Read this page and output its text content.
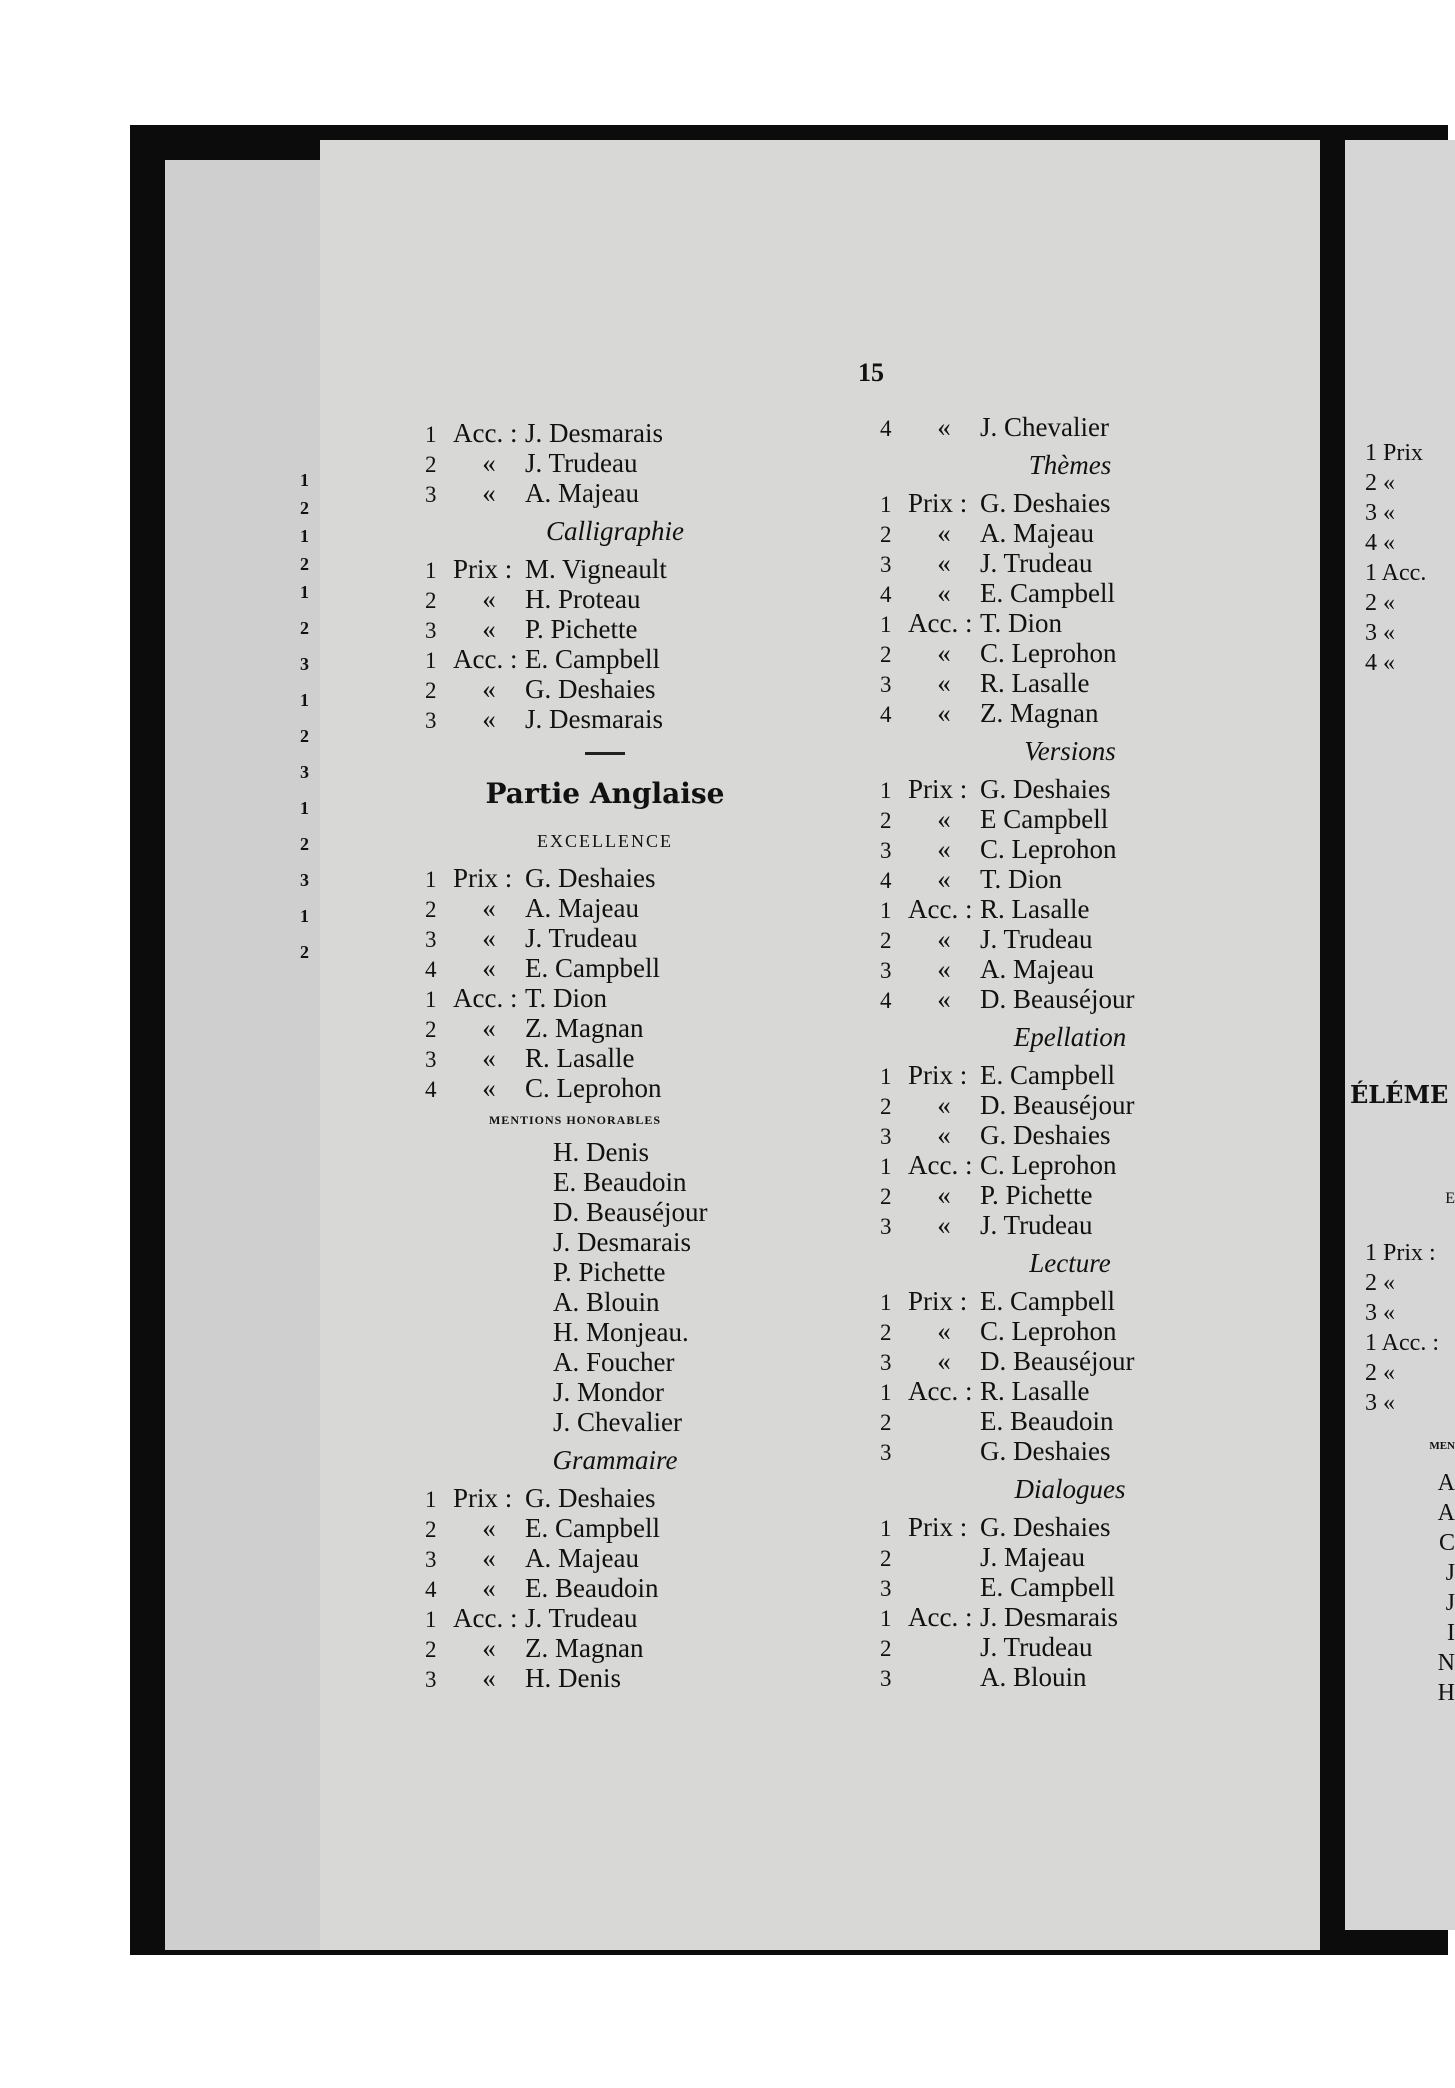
15
1
2
1
2
1
2
3
1
2
3
1
2
3
1
2
1 Acc. : J. Desmarais
2	«	J. Trudeau
3	«	A. Majeau
Calligraphie
1 Prix : M. Vigneault
2	«	H. Proteau
3	«	P. Pichette
1 Acc. : E. Campbell
2	«	G. Deshaies
3	«	J. Desmarais
Partie Anglaise
EXCELLENCE
1 Prix : G. Deshaies
2	«	A. Majeau
3	«	J. Trudeau
4	«	E. Campbell
1 Acc. : T. Dion
2	«	Z. Magnan
3	«	R. Lasalle
4	«	C. Leprohon
MENTIONS HONORABLES
H. Denis
E. Beaudoin
D. Beauséjour
J. Desmarais
P. Pichette
A. Blouin
H. Monjeau.
A. Foucher
J. Mondor
J. Chevalier
Grammaire
1 Prix : G. Deshaies
2	«	E. Campbell
3	«	A. Majeau
4	«	E. Beaudoin
1 Acc. : J. Trudeau
2	«	Z. Magnan
3	«	H. Denis
4	«	J. Chevalier
Thèmes
1 Prix : G. Deshaies
2	«	A. Majeau
3	«	J. Trudeau
4	«	E. Campbell
1 Acc. : T. Dion
2	«	C. Leprohon
3	«	R. Lasalle
4	«	Z. Magnan
Versions
1 Prix : G. Deshaies
2	«	E Campbell
3	«	C. Leprohon
4	«	T. Dion
1 Acc. : R. Lasalle
2	«	J. Trudeau
3	«	A. Majeau
4	«	D. Beauséjour
Epellation
1 Prix : E. Campbell
2	«	D. Beauséjour
3	«	G. Deshaies
1 Acc. : C. Leprohon
2	«	P. Pichette
3	«	J. Trudeau
Lecture
1 Prix : E. Campbell
2	«	C. Leprohon
3	«	D. Beauséjour
1 Acc. : R. Lasalle
2	E. Beaudoin
3	G. Deshaies
Dialogues
1 Prix : G. Deshaies
2	J. Majeau
3	E. Campbell
1 Acc. : J. Desmarais
2	J. Trudeau
3	A. Blouin
1 Prix
2 «
3 «
4 «
1 Acc.
2 «
3 «
4 «
ÉLÉME
E
1 Prix :
2 «
3 «
1 Acc. :
2 «
3 «
MEN
A
A
C
J
J
I
N
H
